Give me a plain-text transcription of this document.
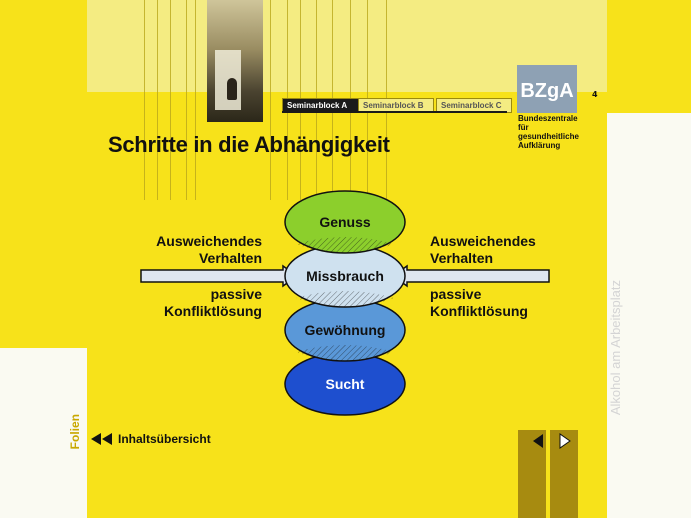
Seminarblock A	Seminarblock B	Seminarblock C
4
BZgA
Bundeszentrale
für
gesundheitliche
Aufklärung
Schritte in die Abhängigkeit
Genuss
Missbrauch
Gewöhnung
Sucht
Ausweichendes
Verhalten
passive
Konfliktlösung
Ausweichendes
Verhalten
passive
Konfliktlösung
Folien
Alkohol am Arbeitsplatz
Inhaltsübersicht
